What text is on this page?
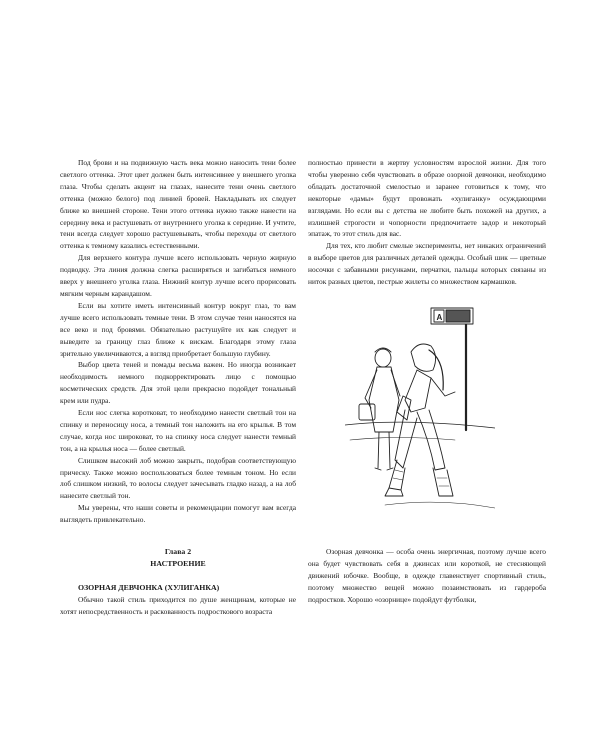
Под брови и на подвижную часть века можно наносить тени более светлого оттенка. Этот цвет должен быть интенсивнее у внешнего уголка глаза. Чтобы сделать акцент на глазах, нанесите тени очень светлого оттенка (можно белого) под линией бровей. Накладывать их следует ближе ко внешней стороне. Тени этого оттенка нужно также нанести на середину века и растушевать от внутреннего уголка к середине. И учтите, тени всегда следует хорошо растушевывать, чтобы переходы от светлого оттенка к темному казались естественными.

Для верхнего контура лучше всего использовать черную жирную подводку. Эта линия должна слегка расширяться и загибаться немного вверх у внешнего уголка глаза. Нижний контур лучше всего прорисовать мягким черным карандашом.

Если вы хотите иметь интенсивный контур вокруг глаз, то вам лучше всего использовать темные тени. В этом случае тени наносятся на все веко и под бровями. Обязательно растушуйте их как следует и выведите за границу глаз ближе к вискам. Благодаря этому глаза зрительно увеличиваются, а взгляд приобретает большую глубину.

Выбор цвета теней и помады весьма важен. Но иногда возникает необходимость немного подкорректировать лицо с помощью косметических средств. Для этой цели прекрасно подойдет тональный крем или пудра.

Если нос слегка коротковат, то необходимо нанести светлый тон на спинку и переносицу носа, а темный тон наложить на его крылья. В том случае, когда нос широковат, то на спинку носа следует нанести темный тон, а на крылья носа — более светлый.

Слишком высокий лоб можно закрыть, подобрав соответствующую прическу. Также можно воспользоваться более темным тоном. Но если лоб слишком низкий, то волосы следует зачесывать гладко назад, а на лоб нанесите светлый тон.

Мы уверены, что наши советы и рекомендации помогут вам всегда выглядеть привлекательно.

Глава 2
НАСТРОЕНИЕ
ОЗОРНАЯ ДЕВЧОНКА (ХУЛИГАНКА)

Обычно такой стиль приходится по душе женщинам, которые не хотят непосредственность и раскованность подросткового возраста

полностью принести в жертву условностям взрослой жизни. Для того чтобы уверенно себя чувствовать в образе озорной девчонки, необходимо обладать достаточной смелостью и заранее готовиться к тому, что некоторые «дамы» будут провожать «хулиганку» осуждающими взглядами. Но если вы с детства не любите быть похожей на других, а излишней строгости и чопорности предпочитаете задор и некоторый эпатаж, то этот стиль для вас.

Для тех, кто любит смелые эксперименты, нет никаких ограничений в выборе цветов для различных деталей одежды. Особый шик — цветные носочки с забавными рисунками, перчатки, пальцы которых связаны из ниток разных цветов, пестрые жилеты со множеством кармашков.

A

Озорная девчонка — особа очень энергичная, поэтому лучше всего она будет чувствовать себя в джинсах или короткой, не стесняющей движений юбочке. Вообще, в одежде главенствует спортивный стиль, поэтому множество вещей можно позаимствовать из гардероба подростков. Хорошо «озорнице» подойдут футболки,
